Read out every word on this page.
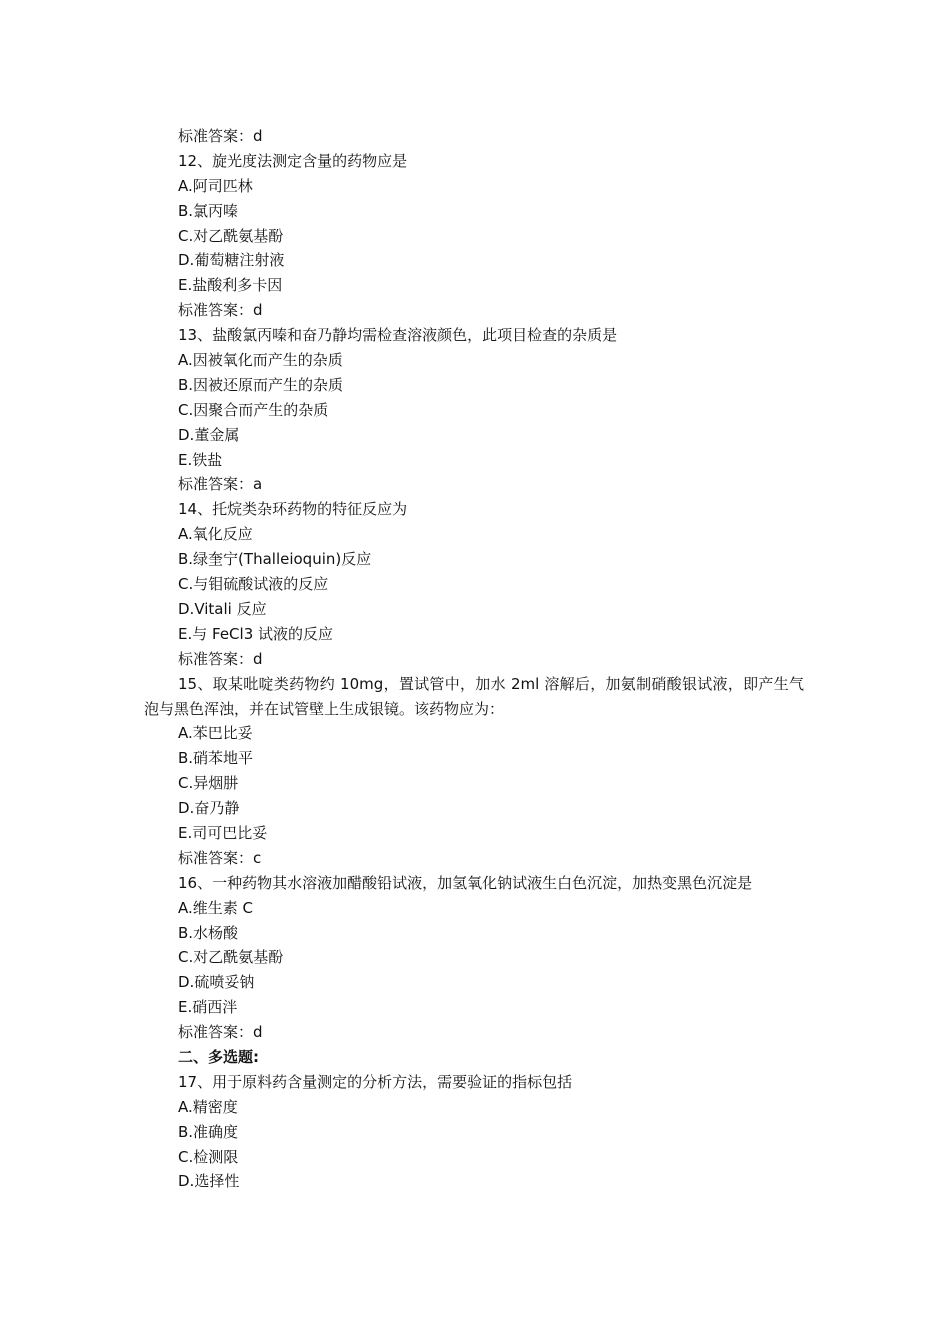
标准答案：d
12、旋光度法测定含量的药物应是
A.阿司匹林
B.氯丙嗪
C.对乙酰氨基酚
D.葡萄糖注射液
E.盐酸利多卡因
标准答案：d
13、盐酸氯丙嗪和奋乃静均需检查溶液颜色，此项目检查的杂质是
A.因被氧化而产生的杂质
B.因被还原而产生的杂质
C.因聚合而产生的杂质
D.董金属
E.铁盐
标准答案：a
14、托烷类杂环药物的特征反应为
A.氧化反应
B.绿奎宁(Thalleioquin)反应
C.与钼硫酸试液的反应
D.Vitali 反应
E.与 FeCl3 试液的反应
标准答案：d
15、取某吡啶类药物约 10mg，置试管中，加水 2ml 溶解后，加氨制硝酸银试液，即产生气泡与黑色浑浊，并在试管壁上生成银镜。该药物应为：
A.苯巴比妥
B.硝苯地平
C.异烟肼
D.奋乃静
E.司可巴比妥
标准答案：c
16、一种药物其水溶液加醋酸铅试液，加氢氧化钠试液生白色沉淀，加热变黑色沉淀是
A.维生素 C
B.水杨酸
C.对乙酰氨基酚
D.硫喷妥钠
E.硝西泮
标准答案：d
二、多选题:
17、用于原料药含量测定的分析方法，需要验证的指标包括
A.精密度
B.准确度
C.检测限
D.选择性
